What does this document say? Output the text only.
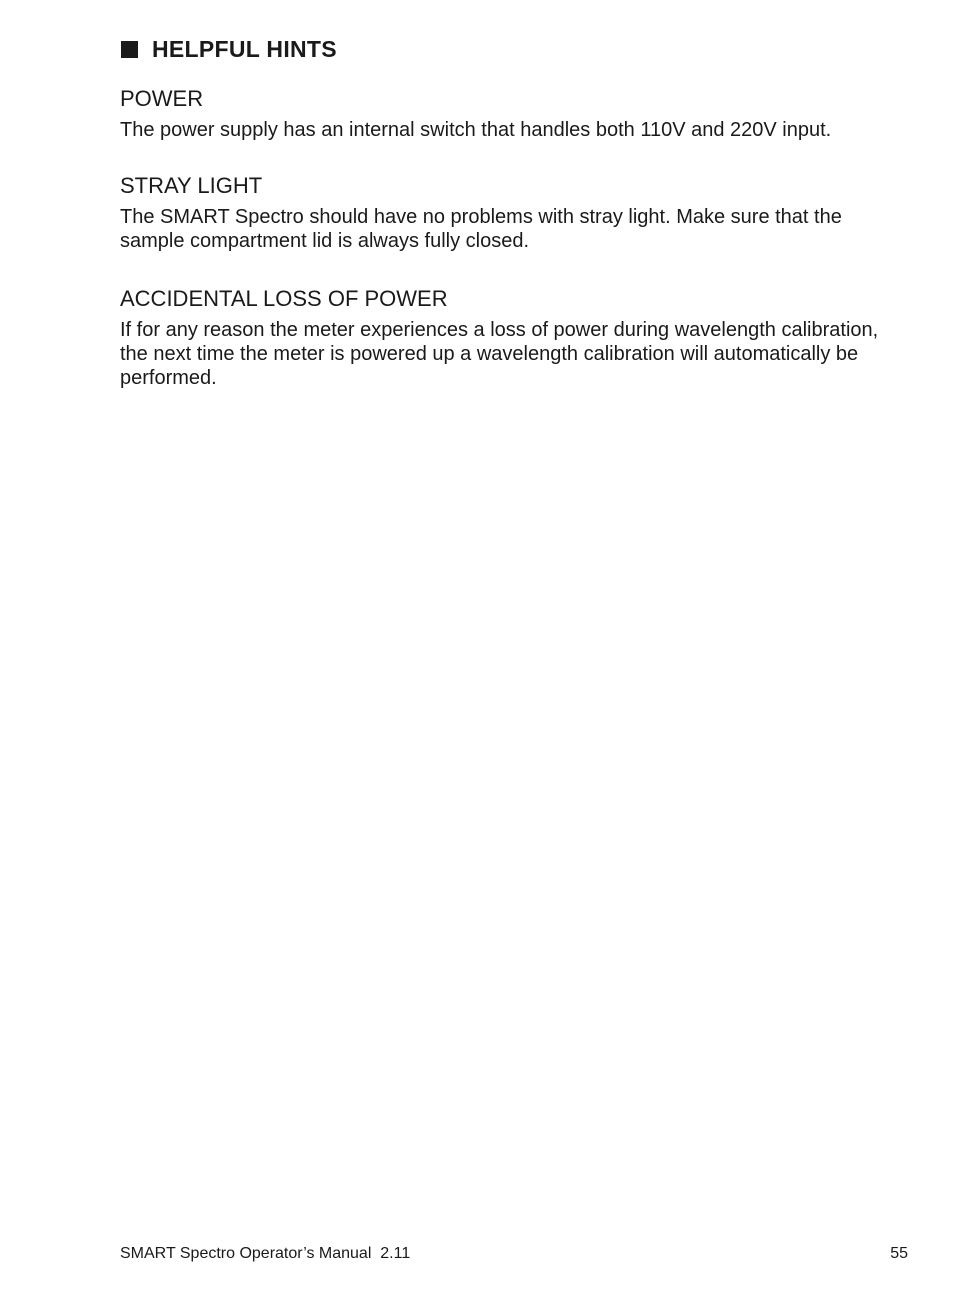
HELPFUL HINTS
POWER

The power supply has an internal switch that handles both 110V and 220V input.

STRAY LIGHT

The SMART Spectro should have no problems with stray light. Make sure that the sample compartment lid is always fully closed.

ACCIDENTAL LOSS OF POWER

If for any reason the meter experiences a loss of power during wavelength calibration, the next time the meter is powered up a wavelength calibration will automatically be performed.

SMART Spectro Operator’s Manual  2.11	55
